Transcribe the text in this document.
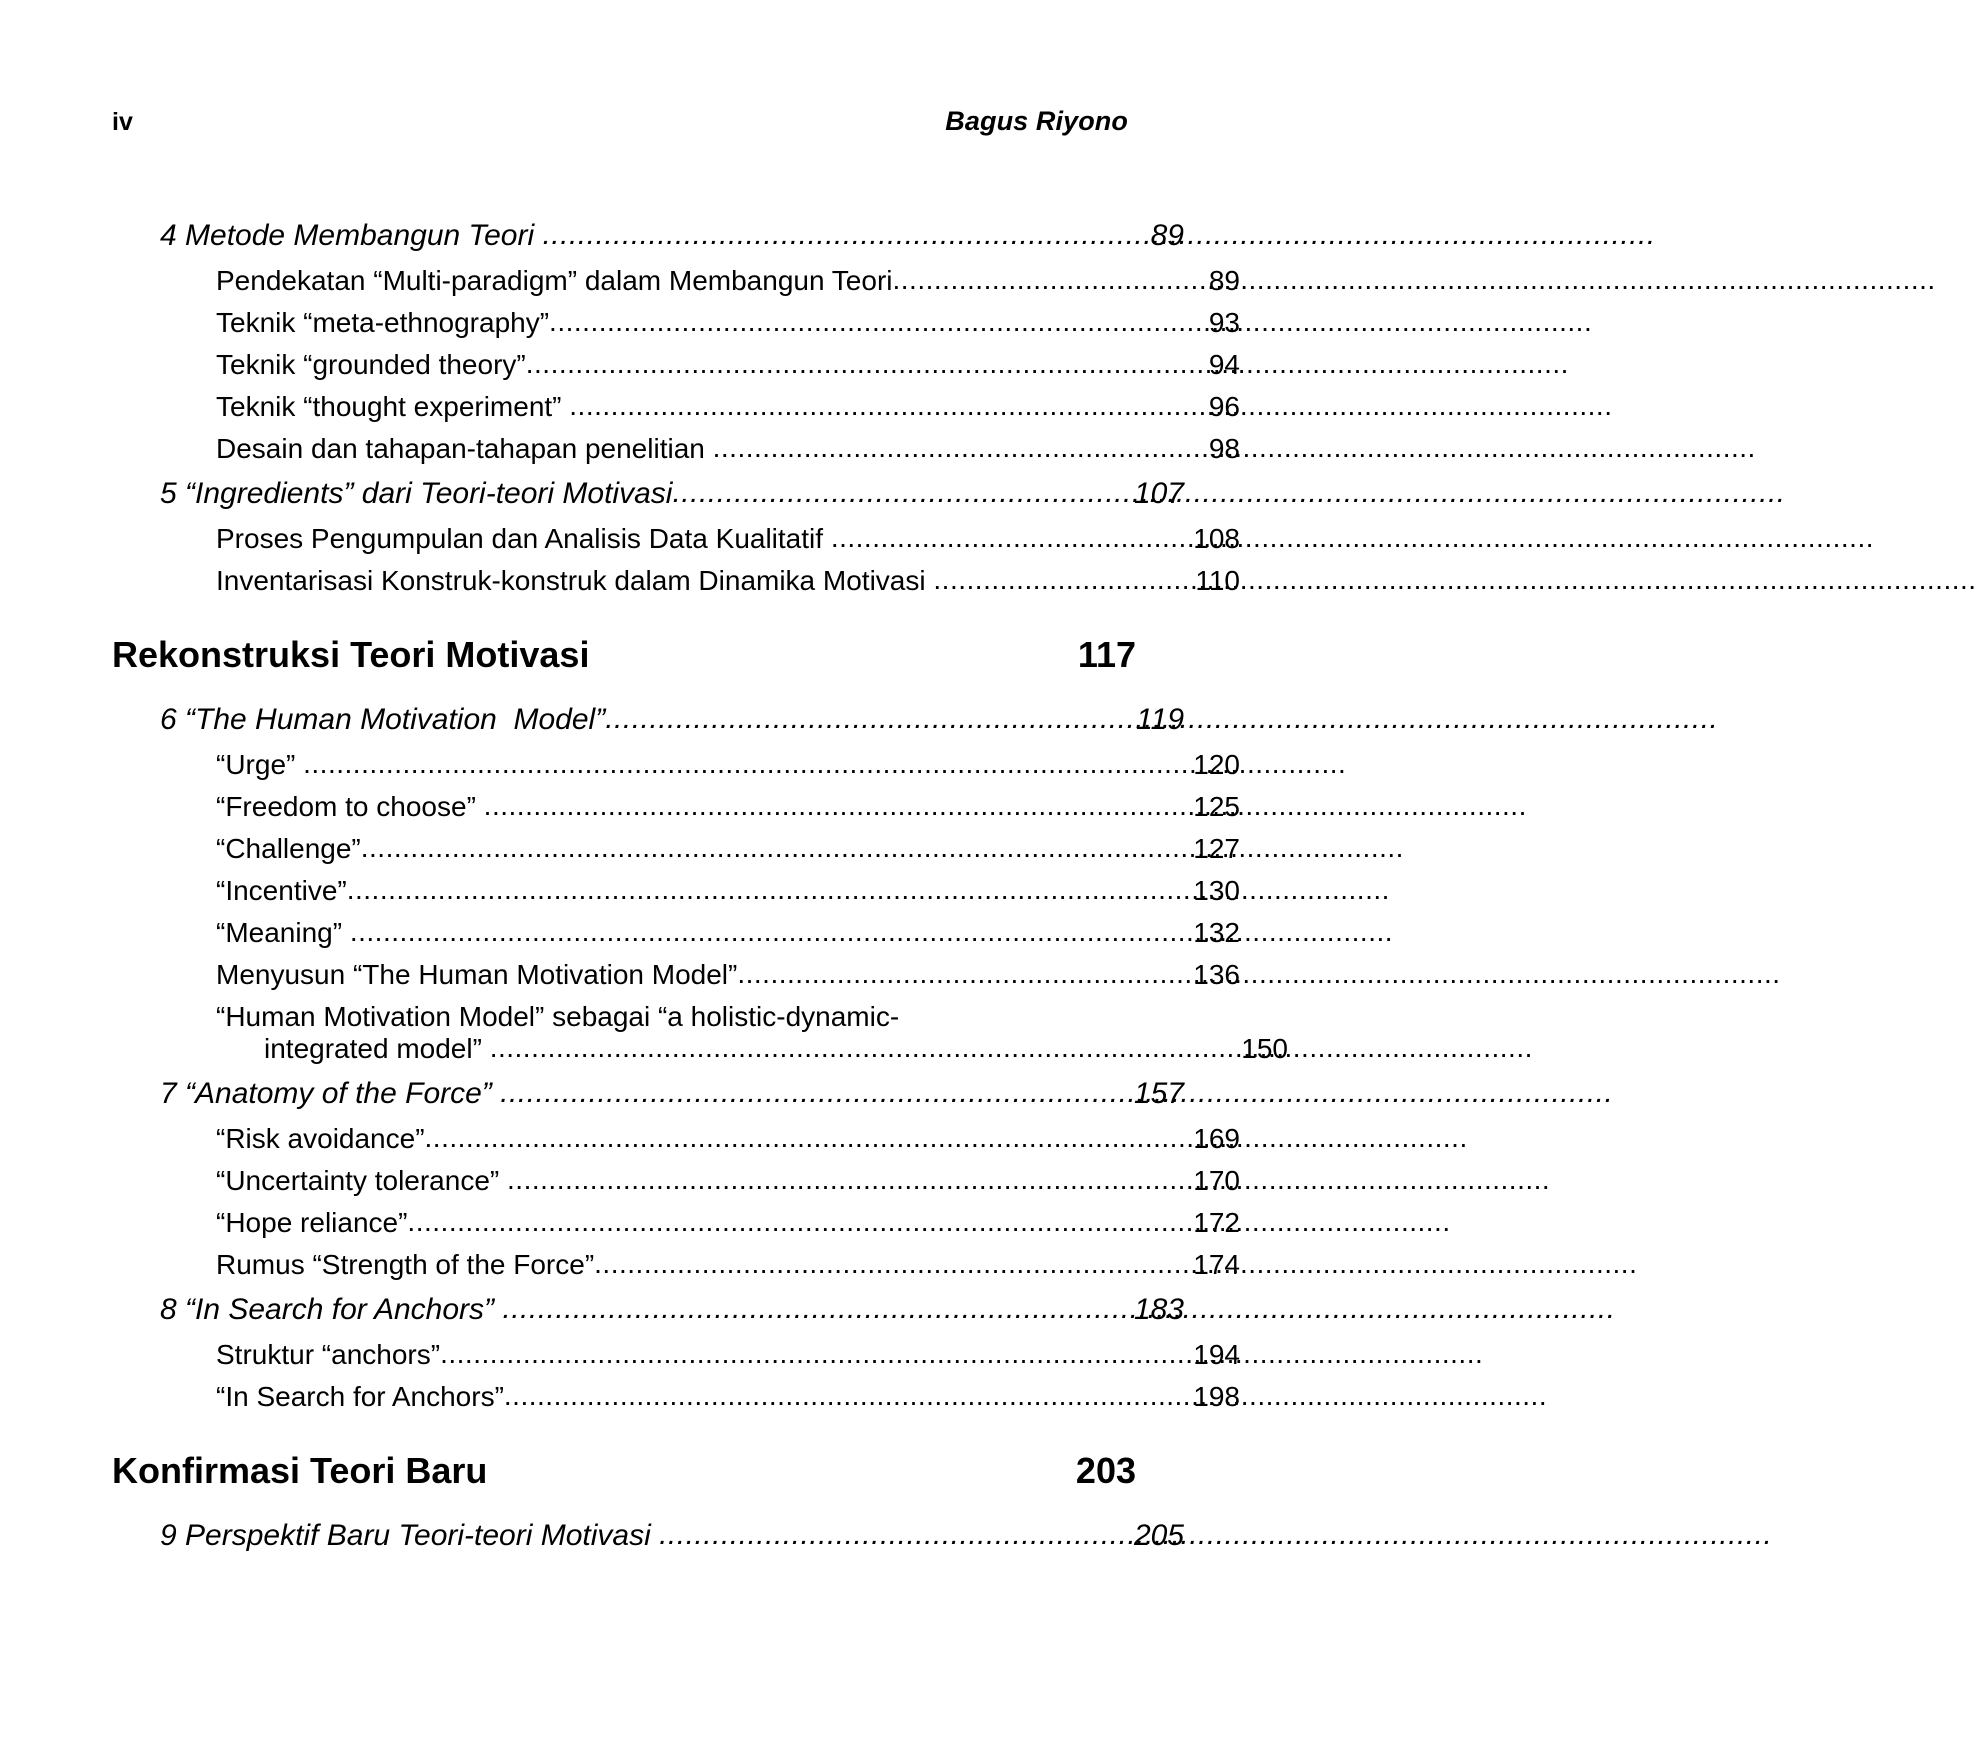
iv	Bagus Riyono
4 Metode Membangun Teori .....	89
Pendekatan “Multi-paradigm” dalam Membangun Teori .....	89
Teknik “meta-ethnography” .....	93
Teknik “grounded theory” .....	94
Teknik “thought experiment” .....	96
Desain dan tahapan-tahapan penelitian .....	98
5 “Ingredients” dari Teori-teori Motivasi .....	107
Proses Pengumpulan dan Analisis Data Kualitatif .....	108
Inventarisasi Konstruk-konstruk dalam Dinamika Motivasi .....	110
Rekonstruksi Teori Motivasi	117
6 “The Human Motivation  Model” .....	119
“Urge” .....	120
“Freedom to choose” .....	125
“Challenge” .....	127
“Incentive” .....	130
“Meaning” .....	132
Menyusun “The Human Motivation Model” .....	136
“Human Motivation Model” sebagai “a holistic-dynamic-
integrated model” .....	150
7 “Anatomy of the Force” .....	157
“Risk avoidance” .....	169
“Uncertainty tolerance” .....	170
“Hope reliance” .....	172
Rumus “Strength of the Force” .....	174
8 “In Search for Anchors” .....	183
Struktur “anchors” .....	194
“In Search for Anchors” .....	198
Konfirmasi Teori Baru	203
9 Perspektif Baru Teori-teori Motivasi .....	205
